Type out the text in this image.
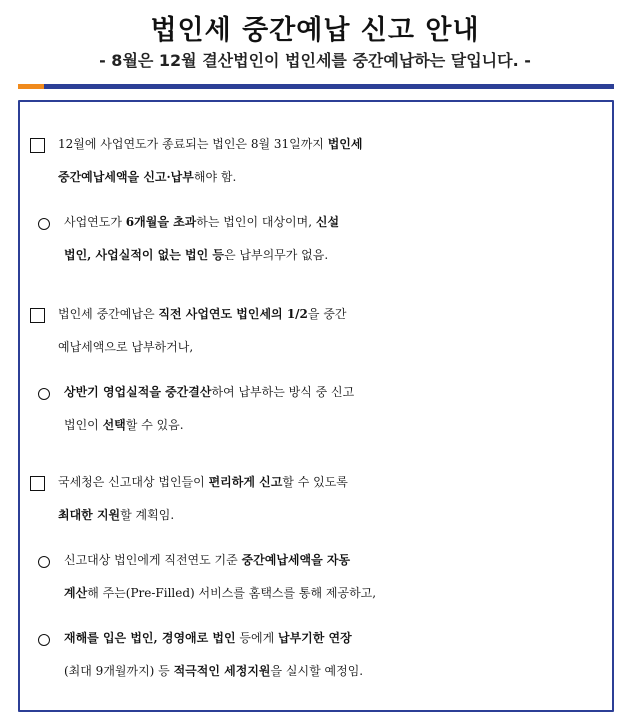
법인세 중간예납 신고 안내
- 8월은 12월 결산법인이 법인세를 중간예납하는 달입니다. -
12월에 사업연도가 종료되는 법인은 8월 31일까지 법인세
중간예납세액을 신고·납부해야 함.
사업연도가 6개월을 초과하는 법인이 대상이며, 신설
법인, 사업실적이 없는 법인 등은 납부의무가 없음.
법인세 중간예납은 직전 사업연도 법인세의 1/2을 중간
예납세액으로 납부하거나,
상반기 영업실적을 중간결산하여 납부하는 방식 중 신고
법인이 선택할 수 있음.
국세청은 신고대상 법인들이 편리하게 신고할 수 있도록
최대한 지원할 계획임.
신고대상 법인에게 직전연도 기준 중간예납세액을 자동
계산해 주는(Pre-Filled) 서비스를 홈택스를 통해 제공하고,
재해를 입은 법인, 경영애로 법인 등에게 납부기한 연장
(최대 9개월까지) 등 적극적인 세정지원을 실시할 예정임.
